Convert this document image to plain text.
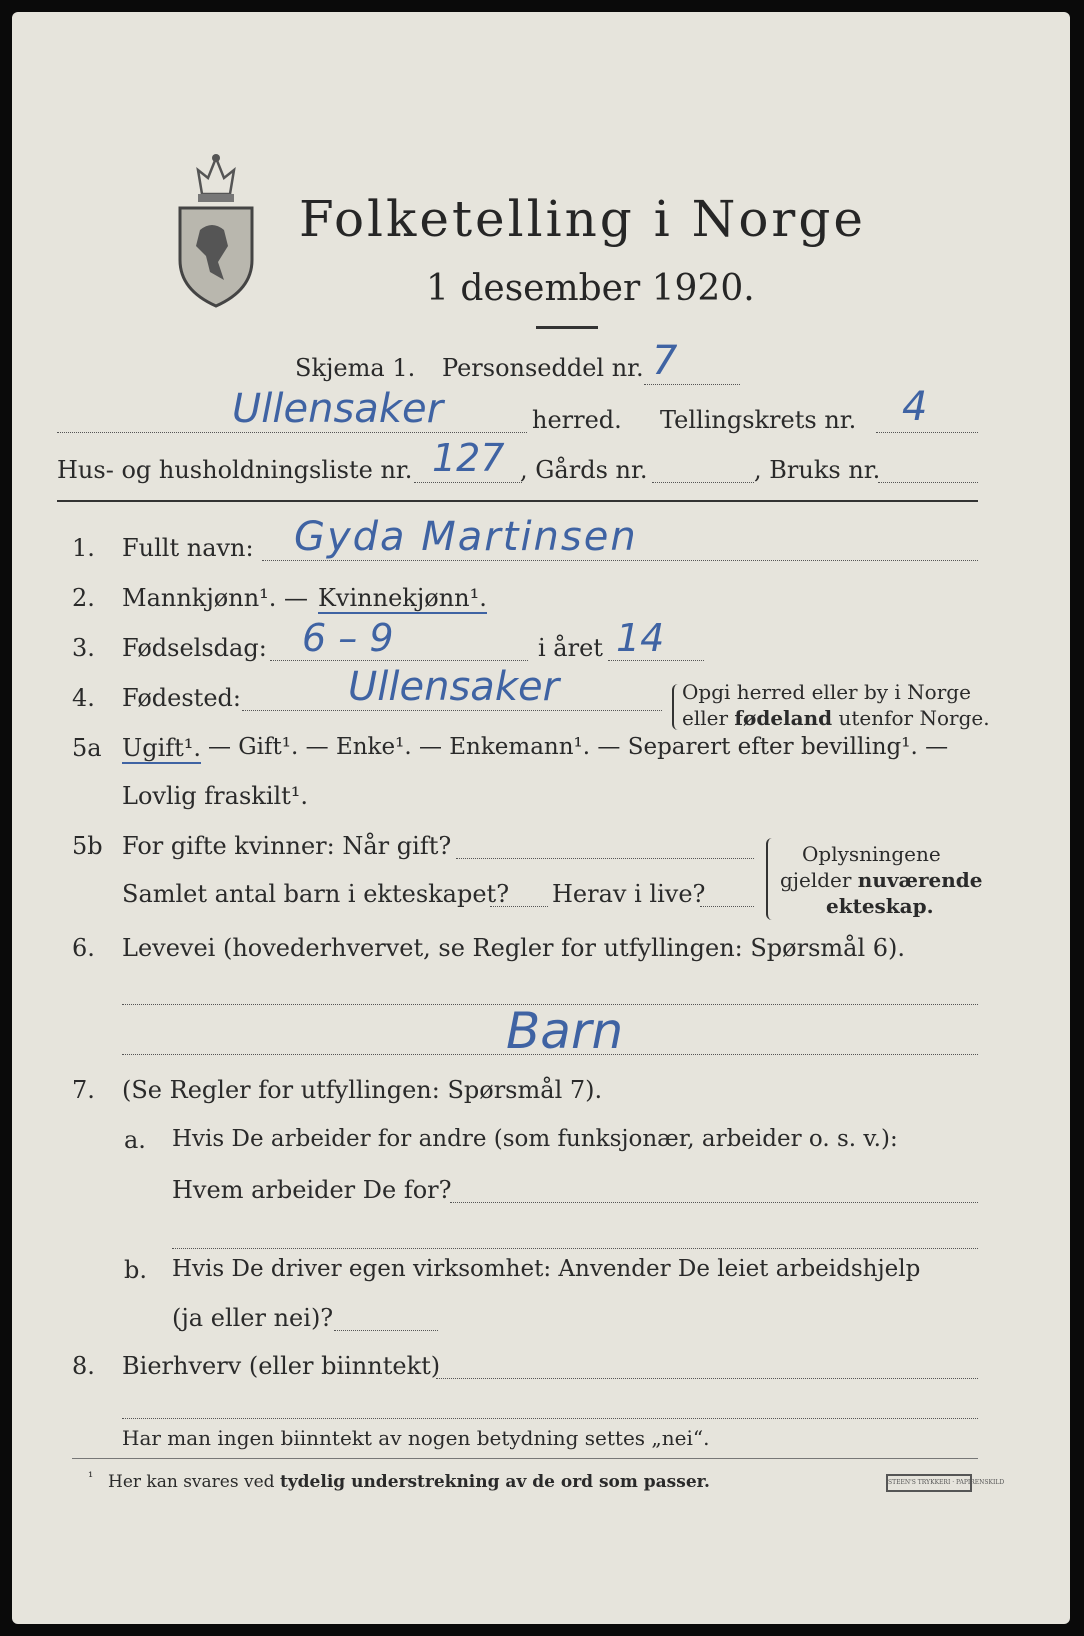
Folketelling i Norge
1 desember 1920.
Skjema 1. Personseddel nr. 7
Ullensaker	herred. Tellingskrets nr. 4
Hus- og husholdningsliste nr. 127 , Gårds nr.	, Bruks nr.
1. Fullt navn: Gyda Martinsen
2. Mannkjønn¹. — Kvinnekjønn¹.
3. Fødselsdag: 6 – 9	i året 14
4. Fødested:	Ullensaker	Opgi herred eller by i Norge
eller fødeland utenfor Norge.
5a Ugift¹. — Gift¹. — Enke¹. — Enkemann¹. — Separert efter bevilling¹. —
Lovlig fraskilt¹.
5b For gifte kvinner: Når gift?
Samlet antal barn i ekteskapet? Herav i live?
Oplysningene
gjelder nuværende
ekteskap.
6. Levevei (hovederhvervet, se Regler for utfyllingen: Spørsmål 6).
Barn
7. (Se Regler for utfyllingen: Spørsmål 7).
a. Hvis De arbeider for andre (som funksjonær, arbeider o. s. v.):
Hvem arbeider De for?
b. Hvis De driver egen virksomhet: Anvender De leiet arbeidshjelp
(ja eller nei)?
8. Bierhverv (eller biinntekt)
Har man ingen biinntekt av nogen betydning settes „nei“.
¹ Her kan svares ved tydelig understrekning av de ord som passer.	STEEN'S TRYKKERI · PAPIRENSKILD
